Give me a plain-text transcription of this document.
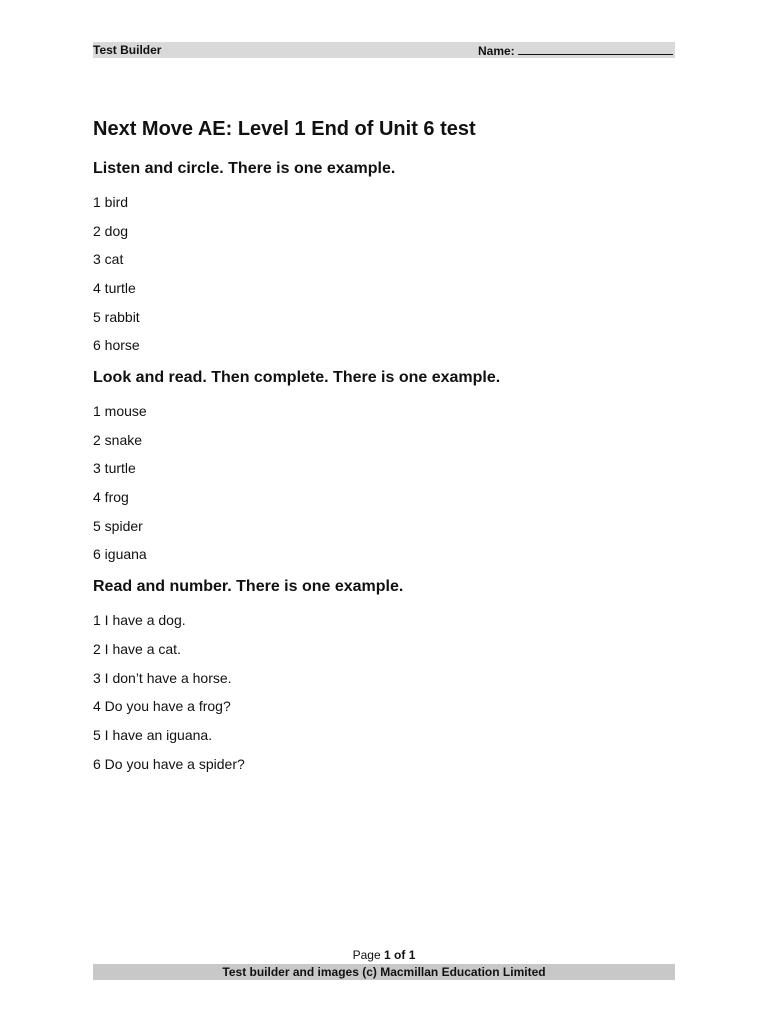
Test Builder	Name:
Next Move AE: Level 1 End of Unit 6 test
Listen and circle. There is one example.
1 bird
2 dog
3 cat
4 turtle
5 rabbit
6 horse
Look and read. Then complete. There is one example.
1 mouse
2 snake
3 turtle
4 frog
5 spider
6 iguana
Read and number. There is one example.
1 I have a dog.
2 I have a cat.
3 I don’t have a horse.
4 Do you have a frog?
5 I have an iguana.
6 Do you have a spider?
Page 1 of 1
Test builder and images (c) Macmillan Education Limited
